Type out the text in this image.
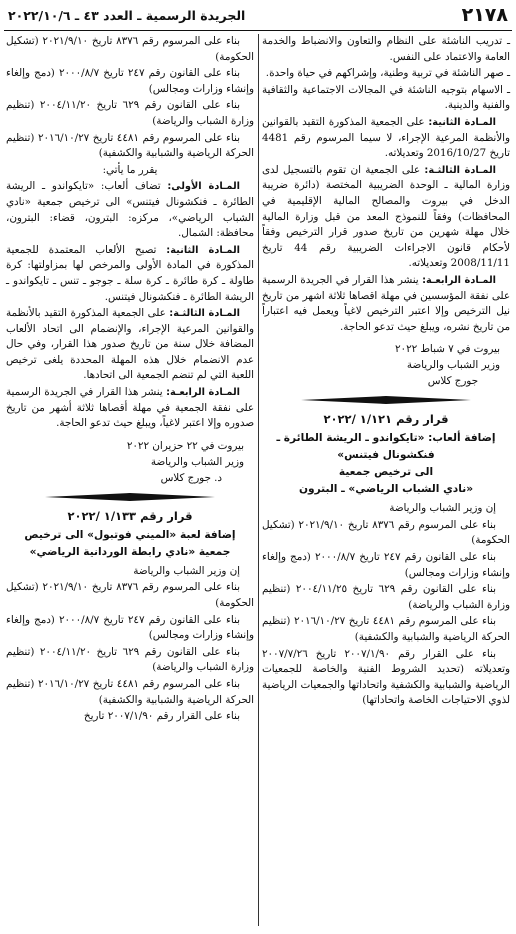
٢١٧٨
الجريدة الرسمية ـ العدد ٤٣ ـ ٢٠٢٢/١٠/٦

ـ تدريب الناشئة على النظام والتعاون والانضباط والخدمة العامة والاعتماد على النفس.

ـ صهر الناشئة في تربية وطنية، وإشراكهم في حياة واحدة.

ـ الاسهام بتوجيه الناشئة في المجالات الاجتماعية والثقافية والفنية والدينية.

المـادة الثانية: على الجمعية المذكورة التقيد بالقوانين والأنظمة المرعية الإجراء، لا سيما المرسوم رقم 4481 تاريخ 2016/10/27 وتعديلاته.

المـادة الثالثـة: على الجمعية ان تقوم بالتسجيل لدى وزارة المالية ـ الوحدة الضريبية المختصة (دائرة ضريبة الدخل في بيروت والمصالح المالية الإقليمية في المحافظات) وفقاً للنموذج المعد من قبل وزارة المالية خلال مهلة شهرين من تاريخ صدور قرار الترخيص وفقاً لأحكام قانون الاجراءات الضريبية رقم 44 تاريخ 2008/11/11 وتعديلاته.

المـادة الرابعـة: ينشر هذا القرار في الجريدة الرسمية على نفقة المؤسسين في مهلة اقصاها ثلاثة اشهر من تاريخ نيل الترخيص وإلا اعتبر الترخيص لاغياً ويعمل فيه اعتباراً من تاريخ نشره، ويبلغ حيث تدعو الحاجة.

بيروت في ٧ شباط ٢٠٢٢

وزير الشباب والرياضة

جورج كلاس

قرار رقم ١/١٢١ /٢٠٢٢
إضافة ألعاب: «تايكواندو ـ الريشة الطائرة ـ
فنكشونال فيتنس»
الى ترخيص جمعية
«نادي الشباب الرياضي» ـ البترون

إن وزير الشباب والرياضة

بناء على المرسوم رقم ٨٣٧٦ تاريخ ٢٠٢١/٩/١٠ (تشكيل الحكومة)

بناء على القانون رقم ٢٤٧ تاريخ ٢٠٠٠/٨/٧ (دمج وإلغاء وإنشاء وزارات ومجالس)

بناء على القانون رقم ٦٢٩ تاريخ ٢٠٠٤/١١/٢٥ (تنظيم وزارة الشباب والرياضة)

بناء على المرسوم رقم ٤٤٨١ تاريخ ٢٠١٦/١٠/٢٧ (تنظيم الحركة الرياضية والشبابية والكشفية)

بناء على القرار رقم ٢٠٠٧/١/٩٠ تاريخ ٢٠٠٧/٧/٢٦ وتعديلاته (تحديد الشروط الفنية والخاصة للجمعيات الرياضية والشبابية والكشفية واتحاداتها والجمعيات الرياضية لذوي الاحتياجات الخاصة واتحاداتها)

بناء على المرسوم رقم ٨٣٧٦ تاريخ ٢٠٢١/٩/١٠ (تشكيل الحكومة)

بناء على القانون رقم ٢٤٧ تاريخ ٢٠٠٠/٨/٧ (دمج وإلغاء وإنشاء وزارات ومجالس)

بناء على القانون رقم ٦٢٩ تاريخ ٢٠٠٤/١١/٢٠ (تنظيم وزارة الشباب والرياضة)

بناء على المرسوم رقم ٤٤٨١ تاريخ ٢٠١٦/١٠/٢٧ (تنظيم الحركة الرياضية والشبابية والكشفية)

يقرر ما يأتي:

المـادة الأولى: تضاف ألعاب: «تايكواندو ـ الريشة الطائرة ـ فنكشونال فيتنس» الى ترخيص جمعية «نادي الشباب الرياضي»، مركزه: البترون، قضاء: البترون، محافظة: الشمال.

المـادة الثانية: تصبح الألعاب المعتمدة للجمعية المذكورة في المادة الأولى والمرخص لها بمزاولتها: كرة طاولة ـ كرة طائرة ـ كرة سلة ـ جوجو ـ تنس ـ تايكواندو ـ الريشة الطائرة ـ فنكشونال فيتنس.

المـادة الثالثـة: على الجمعية المذكورة التقيد بالأنظمة والقوانين المرعية الإجراء، والإنضمام الى اتحاد الألعاب المضافة خلال سنة من تاريخ صدور هذا القرار، وفي حال عدم الانضمام خلال هذه المهلة المحددة يلغى ترخيص اللعبة التي لم تنضم الجمعية الى اتحادها.

المـادة الرابعـة: ينشر هذا القرار في الجريدة الرسمية على نفقة الجمعية في مهلة أقصاها ثلاثة أشهر من تاريخ صدوره وإلا اعتبر لاغياً، ويبلغ حيث تدعو الحاجة.

بيروت في ٢٢ حزيران ٢٠٢٢

وزير الشباب والرياضة

د. جورج كلاس

قرار رقم ١/١٣٣ /٢٠٢٢
إضافة لعبة «الميني فوتبول» الى ترخيص
جمعية «نادي رابطة الوردانية الرياضي»

إن وزير الشباب والرياضة

بناء على المرسوم رقم ٨٣٧٦ تاريخ ٢٠٢١/٩/١٠ (تشكيل الحكومة)

بناء على القانون رقم ٢٤٧ تاريخ ٢٠٠٠/٨/٧ (دمج وإلغاء وإنشاء وزارات ومجالس)

بناء على القانون رقم ٦٢٩ تاريخ ٢٠٠٤/١١/٢٠ (تنظيم وزارة الشباب والرياضة)

بناء على المرسوم رقم ٤٤٨١ تاريخ ٢٠١٦/١٠/٢٧ (تنظيم الحركة الرياضية والشبابية والكشفية)

بناء على القرار رقم ٢٠٠٧/١/٩٠ تاريخ
